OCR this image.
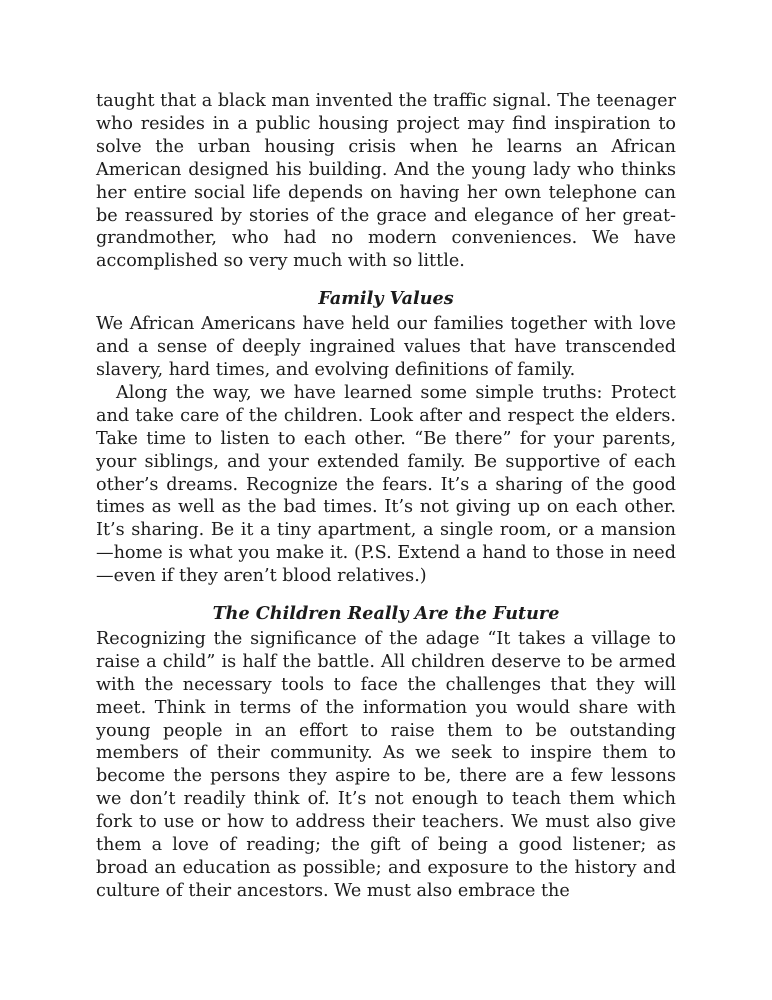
taught that a black man invented the traffic signal. The teenager who resides in a public housing project may find inspiration to solve the urban housing crisis when he learns an African American designed his building. And the young lady who thinks her entire social life depends on having her own telephone can be reassured by stories of the grace and elegance of her great-grandmother, who had no modern conveniences. We have accomplished so very much with so little.

Family Values

We African Americans have held our families together with love and a sense of deeply ingrained values that have transcended slavery, hard times, and evolving definitions of family.

Along the way, we have learned some simple truths: Protect and take care of the children. Look after and respect the elders. Take time to listen to each other. “Be there” for your parents, your siblings, and your extended family. Be supportive of each other’s dreams. Recognize the fears. It’s a sharing of the good times as well as the bad times. It’s not giving up on each other. It’s sharing. Be it a tiny apartment, a single room, or a mansion—home is what you make it. (P.S. Extend a hand to those in need—even if they aren’t blood relatives.)

The Children Really Are the Future

Recognizing the significance of the adage “It takes a village to raise a child” is half the battle. All children deserve to be armed with the necessary tools to face the challenges that they will meet. Think in terms of the information you would share with young people in an effort to raise them to be outstanding members of their community. As we seek to inspire them to become the persons they aspire to be, there are a few lessons we don’t readily think of. It’s not enough to teach them which fork to use or how to address their teachers. We must also give them a love of reading; the gift of being a good listener; as broad an education as possible; and exposure to the history and culture of their ancestors. We must also embrace the
